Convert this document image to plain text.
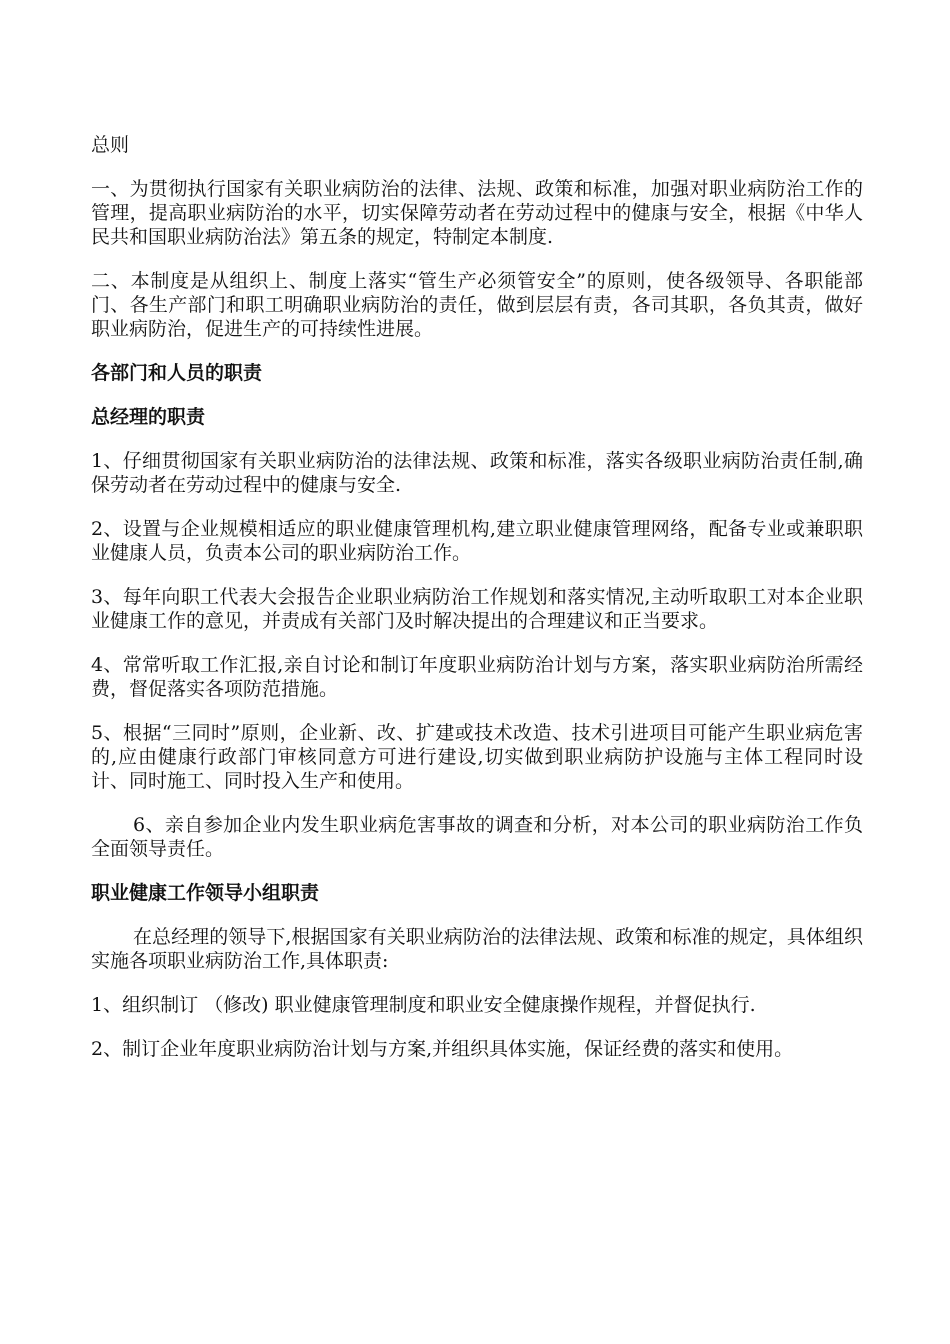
总则

一、为贯彻执行国家有关职业病防治的法律、法规、政策和标准，加强对职业病防治工作的管理，提高职业病防治的水平，切实保障劳动者在劳动过程中的健康与安全，根据《中华人民共和国职业病防治法》第五条的规定，特制定本制度.

二、本制度是从组织上、制度上落实“管生产必须管安全”的原则，使各级领导、各职能部门、各生产部门和职工明确职业病防治的责任，做到层层有责，各司其职，各负其责，做好职业病防治，促进生产的可持续性进展。

各部门和人员的职责

总经理的职责

1、仔细贯彻国家有关职业病防治的法律法规、政策和标准，落实各级职业病防治责任制,确保劳动者在劳动过程中的健康与安全.

2、设置与企业规模相适应的职业健康管理机构,建立职业健康管理网络，配备专业或兼职职业健康人员，负责本公司的职业病防治工作。

3、每年向职工代表大会报告企业职业病防治工作规划和落实情况,主动听取职工对本企业职业健康工作的意见，并责成有关部门及时解决提出的合理建议和正当要求。

4、常常听取工作汇报,亲自讨论和制订年度职业病防治计划与方案，落实职业病防治所需经费，督促落实各项防范措施。

5、根据“三同时”原则，企业新、改、扩建或技术改造、技术引进项目可能产生职业病危害的,应由健康行政部门审核同意方可进行建设,切实做到职业病防护设施与主体工程同时设计、同时施工、同时投入生产和使用。

6、亲自参加企业内发生职业病危害事故的调查和分析，对本公司的职业病防治工作负全面领导责任。

职业健康工作领导小组职责

在总经理的领导下,根据国家有关职业病防治的法律法规、政策和标准的规定，具体组织实施各项职业病防治工作,具体职责:

1、组织制订 （修改) 职业健康管理制度和职业安全健康操作规程，并督促执行.

2、制订企业年度职业病防治计划与方案,并组织具体实施，保证经费的落实和使用。
